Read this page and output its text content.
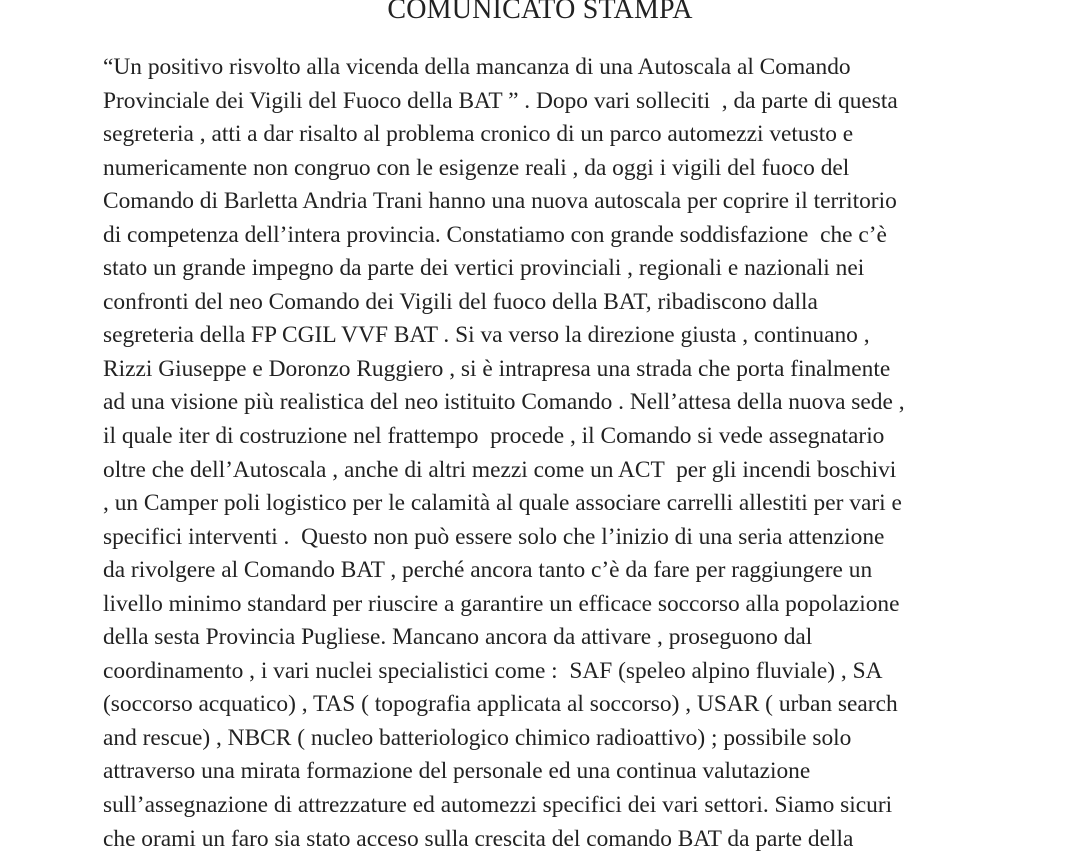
COMUNICATO STAMPA
“Un positivo risvolto alla vicenda della mancanza di una Autoscala al Comando
Provinciale dei Vigili del Fuoco della BAT ” . Dopo vari solleciti  , da parte di questa
segreteria , atti a dar risalto al problema cronico di un parco automezzi vetusto e
numericamente non congruo con le esigenze reali , da oggi i vigili del fuoco del
Comando di Barletta Andria Trani hanno una nuova autoscala per coprire il territorio
di competenza dell’intera provincia. Constatiamo con grande soddisfazione  che c’è
stato un grande impegno da parte dei vertici provinciali , regionali e nazionali nei
confronti del neo Comando dei Vigili del fuoco della BAT, ribadiscono dalla
segreteria della FP CGIL VVF BAT . Si va verso la direzione giusta , continuano ,
Rizzi Giuseppe e Doronzo Ruggiero , si è intrapresa una strada che porta finalmente
ad una visione più realistica del neo istituito Comando . Nell’attesa della nuova sede ,
il quale iter di costruzione nel frattempo  procede , il Comando si vede assegnatario
oltre che dell’Autoscala , anche di altri mezzi come un ACT  per gli incendi boschivi
, un Camper poli logistico per le calamità al quale associare carrelli allestiti per vari e
specifici interventi .  Questo non può essere solo che l’inizio di una seria attenzione
da rivolgere al Comando BAT , perché ancora tanto c’è da fare per raggiungere un
livello minimo standard per riuscire a garantire un efficace soccorso alla popolazione
della sesta Provincia Pugliese. Mancano ancora da attivare , proseguono dal
coordinamento , i vari nuclei specialistici come :  SAF (speleo alpino fluviale) , SA
(soccorso acquatico) , TAS ( topografia applicata al soccorso) , USAR ( urban search
and rescue) , NBCR ( nucleo batteriologico chimico radioattivo) ; possibile solo
attraverso una mirata formazione del personale ed una continua valutazione
sull’assegnazione di attrezzature ed automezzi specifici dei vari settori. Siamo sicuri
che orami un faro sia stato acceso sulla crescita del comando BAT da parte della
